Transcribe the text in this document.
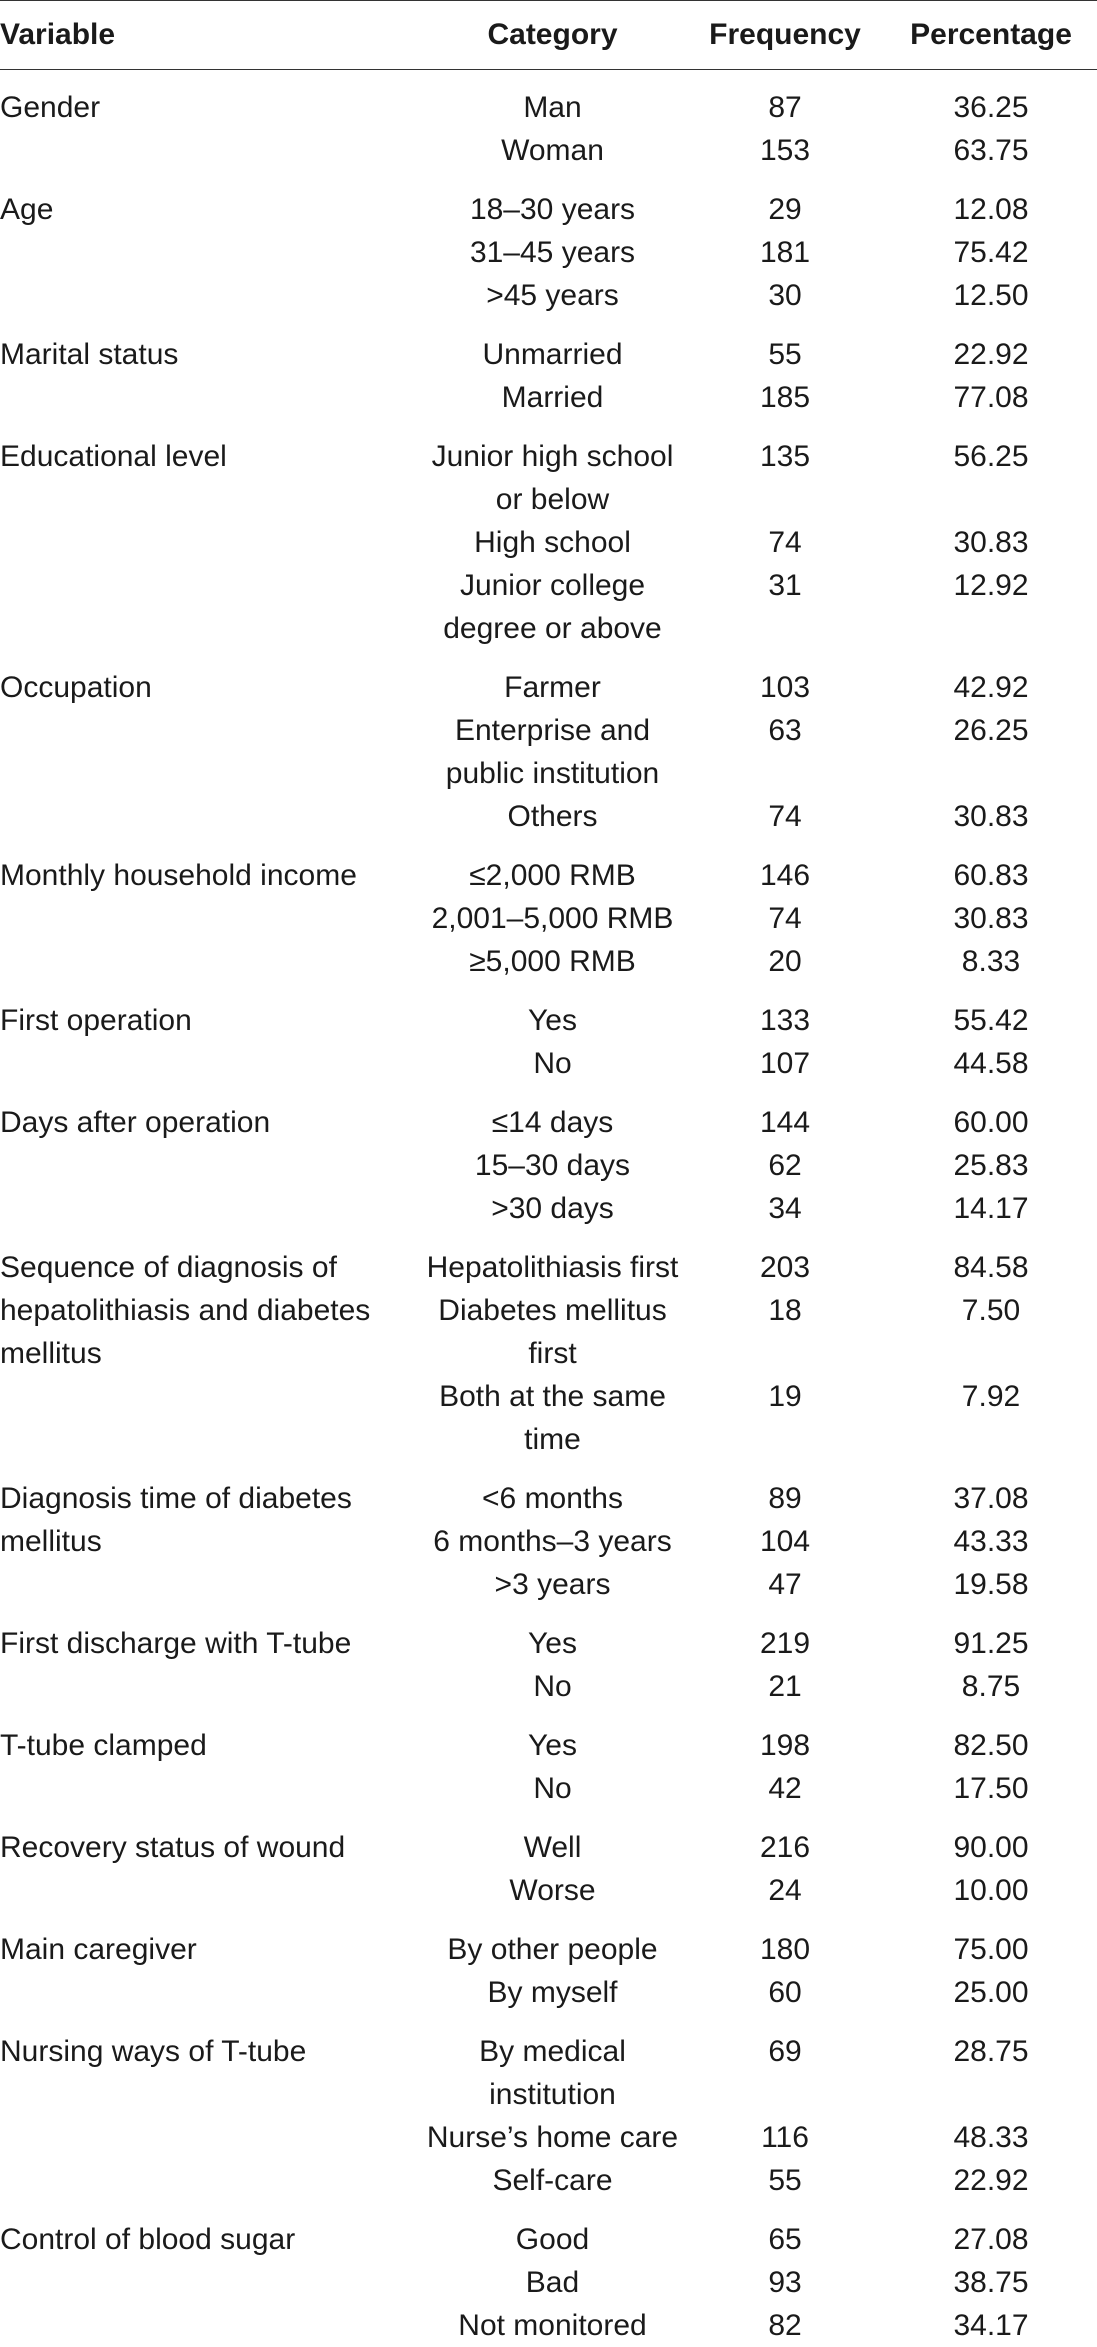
Variable	Category	Frequency	Percentage
Gender	Man	87	36.25
	Woman	153	63.75
Age	18–30 years	29	12.08
	31–45 years	181	75.42
	>45 years	30	12.50
Marital status	Unmarried	55	22.92
	Married	185	77.08
Educational level	Junior high school or below	135	56.25
	High school	74	30.83
	Junior college degree or above	31	12.92
Occupation	Farmer	103	42.92
	Enterprise and public institution	63	26.25
	Others	74	30.83
Monthly household income	≤2,000 RMB	146	60.83
	2,001–5,000 RMB	74	30.83
	≥5,000 RMB	20	8.33
First operation	Yes	133	55.42
	No	107	44.58
Days after operation	≤14 days	144	60.00
	15–30 days	62	25.83
	>30 days	34	14.17
Sequence of diagnosis of hepatolithiasis and diabetes mellitus	Hepatolithiasis first	203	84.58
	Diabetes mellitus first	18	7.50
	Both at the same time	19	7.92
Diagnosis time of diabetes mellitus	<6 months	89	37.08
	6 months–3 years	104	43.33
	>3 years	47	19.58
First discharge with T-tube	Yes	219	91.25
	No	21	8.75
T-tube clamped	Yes	198	82.50
	No	42	17.50
Recovery status of wound	Well	216	90.00
	Worse	24	10.00
Main caregiver	By other people	180	75.00
	By myself	60	25.00
Nursing ways of T-tube	By medical institution	69	28.75
	Nurse’s home care	116	48.33
	Self-care	55	22.92
Control of blood sugar	Good	65	27.08
	Bad	93	38.75
	Not monitored	82	34.17
